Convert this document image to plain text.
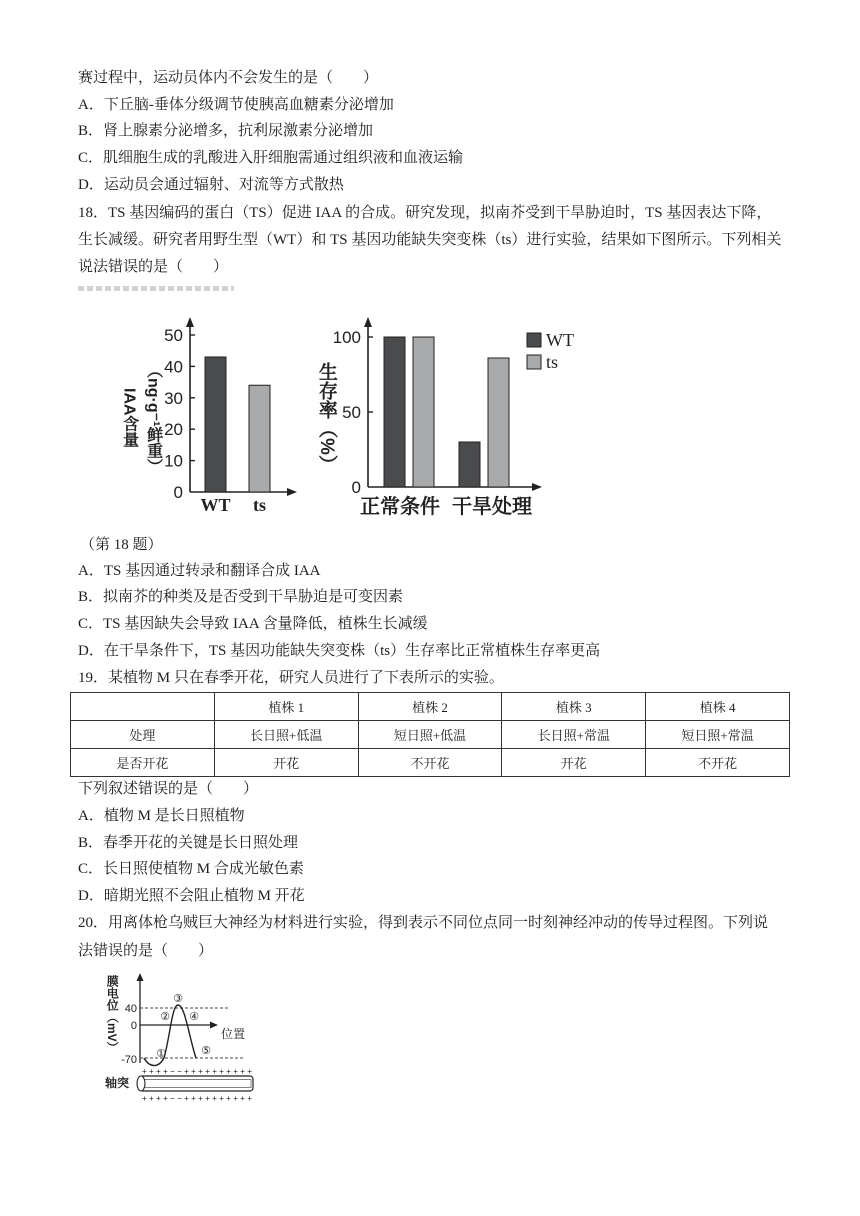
赛过程中，运动员体内不会发生的是（　　）
A．下丘脑-垂体分级调节使胰高血糖素分泌增加
B．肾上腺素分泌增多，抗利尿激素分泌增加
C．肌细胞生成的乳酸进入肝细胞需通过组织液和血液运输
D．运动员会通过辐射、对流等方式散热
18．TS 基因编码的蛋白（TS）促进 IAA 的合成。研究发现，拟南芥受到干旱胁迫时，TS 基因表达下降，
生长减缓。研究者用野生型（WT）和 TS 基因功能缺失突变株（ts）进行实验，结果如下图所示。下列相关
说法错误的是（　　）
0
10
20
30
40
50
WT ts
0
50
100
正常条件 干旱处理
WT
ts
IAA含量 （ng·g⁻¹鲜重）	生存率（%）
（第 18 题）
A．TS 基因通过转录和翻译合成 IAA
B．拟南芥的种类及是否受到干旱胁迫是可变因素
C．TS 基因缺失会导致 IAA 含量降低，植株生长减缓
D．在干旱条件下，TS 基因功能缺失突变株（ts）生存率比正常植株生存率更高
19．某植物 M 只在春季开花，研究人员进行了下表所示的实验。
	植株 1	植株 2	植株 3	植株 4
处理	长日照+低温	短日照+低温	长日照+常温	短日照+常温
是否开花	开花	不开花	开花	不开花
下列叙述错误的是（　　）
A．植物 M 是长日照植物
B．春季开花的关键是长日照处理
C．长日照使植物 M 合成光敏色素
D．暗期光照不会阻止植物 M 开花
20．用离体枪乌贼巨大神经为材料进行实验，得到表示不同位点同一时刻神经冲动的传导过程图。下列说
法错误的是（　　）
40
0
-70
位置
③
② ④
①	⑤
++++−−++++++++++
++++−−++++++++++
轴突
膜电位（mV）
